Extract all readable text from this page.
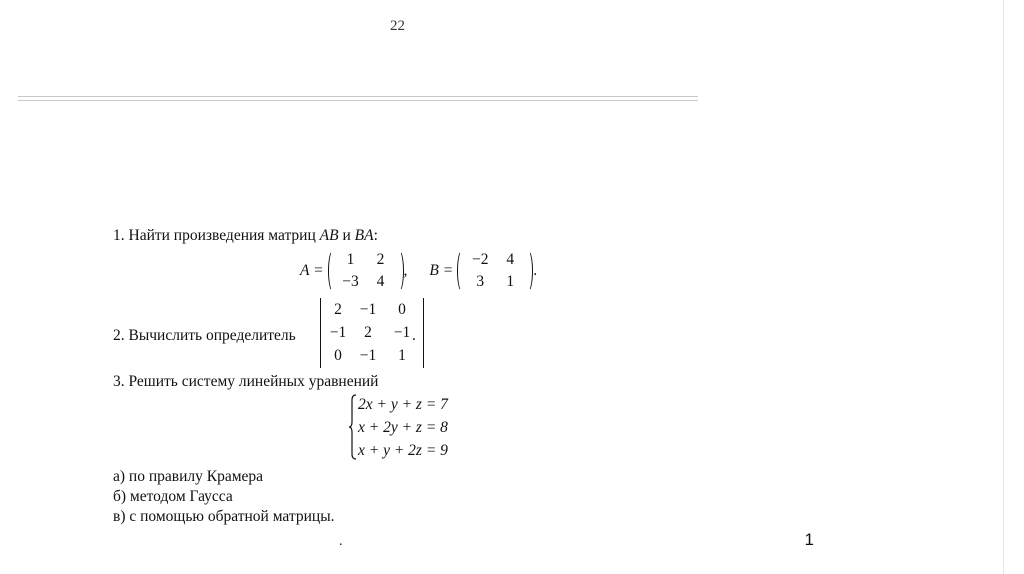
22
1. Найти произведения матриц AB и BA:
A =
1	2
−3	4
, B =
−2	4
3	1
.
2. Вычислить определитель
2	−1	0
−1	2	−1
0	−1	1
.
3. Решить систему линейных уравнений
2x + y + z = 7
x + 2y + z = 8
x + y + 2z = 9
а) по правилу Крамера
б) методом Гаусса
в) с помощью обратной матрицы.
.	1
